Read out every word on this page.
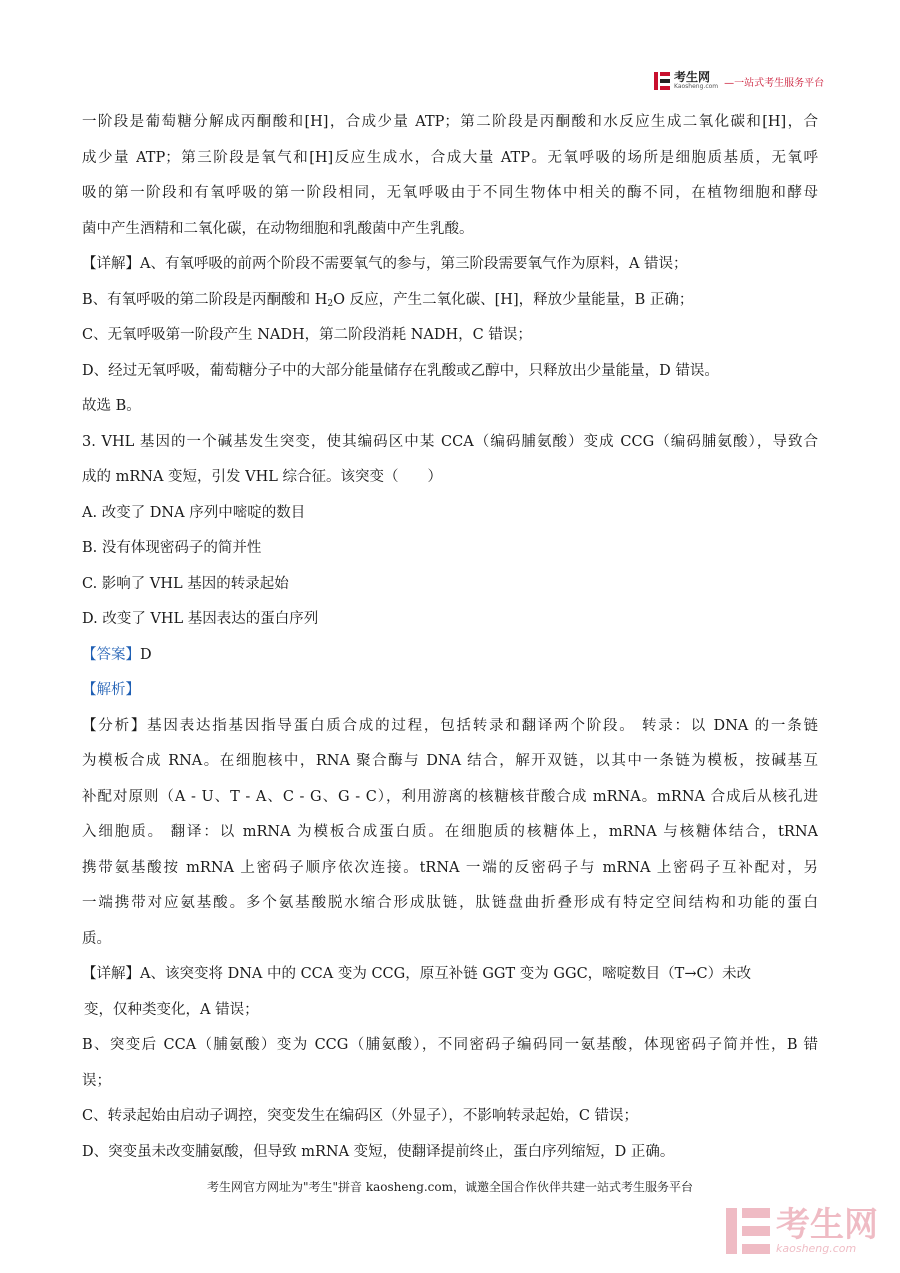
考生网
Kaosheng.com —一站式考生服务平台
一阶段是葡萄糖分解成丙酮酸和[H]，合成少量 ATP；第二阶段是丙酮酸和水反应生成二氧化碳和[H]，合
成少量 ATP；第三阶段是氧气和[H]反应生成水，合成大量 ATP。无氧呼吸的场所是细胞质基质，无氧呼
吸的第一阶段和有氧呼吸的第一阶段相同，无氧呼吸由于不同生物体中相关的酶不同，在植物细胞和酵母
菌中产生酒精和二氧化碳，在动物细胞和乳酸菌中产生乳酸。
【详解】A、有氧呼吸的前两个阶段不需要氧气的参与，第三阶段需要氧气作为原料，A 错误；
B、有氧呼吸的第二阶段是丙酮酸和 $H_2O$ 反应，产生二氧化碳、[H]，释放少量能量，B 正确；
C、无氧呼吸第一阶段产生 NADH，第二阶段消耗 NADH，C 错误；
D、经过无氧呼吸，葡萄糖分子中的大部分能量储存在乳酸或乙醇中，只释放出少量能量，D 错误。
故选 B。
3. VHL 基因的一个碱基发生突变，使其编码区中某 CCA（编码脯氨酸）变成 CCG（编码脯氨酸），导致合
成的 mRNA 变短，引发 VHL 综合征。该突变（　　）
A. 改变了 DNA 序列中嘧啶的数目
B. 没有体现密码子的简并性
C. 影响了 VHL 基因的转录起始
D. 改变了 VHL 基因表达的蛋白序列
【答案】D
【解析】
【分析】基因表达指基因指导蛋白质合成的过程，包括转录和翻译两个阶段。 转录：以 DNA 的一条链
为模板合成 RNA。在细胞核中，RNA 聚合酶与 DNA 结合，解开双链，以其中一条链为模板，按碱基互
补配对原则（A - U、T - A、C - G、G - C），利用游离的核糖核苷酸合成 mRNA。mRNA 合成后从核孔进
入细胞质。 翻译：以 mRNA 为模板合成蛋白质。在细胞质的核糖体上，mRNA 与核糖体结合，tRNA
携带氨基酸按 mRNA 上密码子顺序依次连接。tRNA 一端的反密码子与 mRNA 上密码子互补配对，另
一端携带对应氨基酸。多个氨基酸脱水缩合形成肽链，肽链盘曲折叠形成有特定空间结构和功能的蛋白
质。
【详解】A、该突变将 DNA 中的 CCA 变为 CCG，原互补链 GGT 变为 GGC，嘧啶数目（T→C）未改
变，仅种类变化，A 错误；
B、突变后 CCA（脯氨酸）变为 CCG（脯氨酸），不同密码子编码同一氨基酸，体现密码子简并性，B 错
误；
C、转录起始由启动子调控，突变发生在编码区（外显子），不影响转录起始，C 错误；
D、突变虽未改变脯氨酸，但导致 mRNA 变短，使翻译提前终止，蛋白序列缩短，D 正确。
考生网官方网址为"考生"拼音 kaosheng.com，诚邀全国合作伙伴共建一站式考生服务平台
考生网
kaosheng.com
